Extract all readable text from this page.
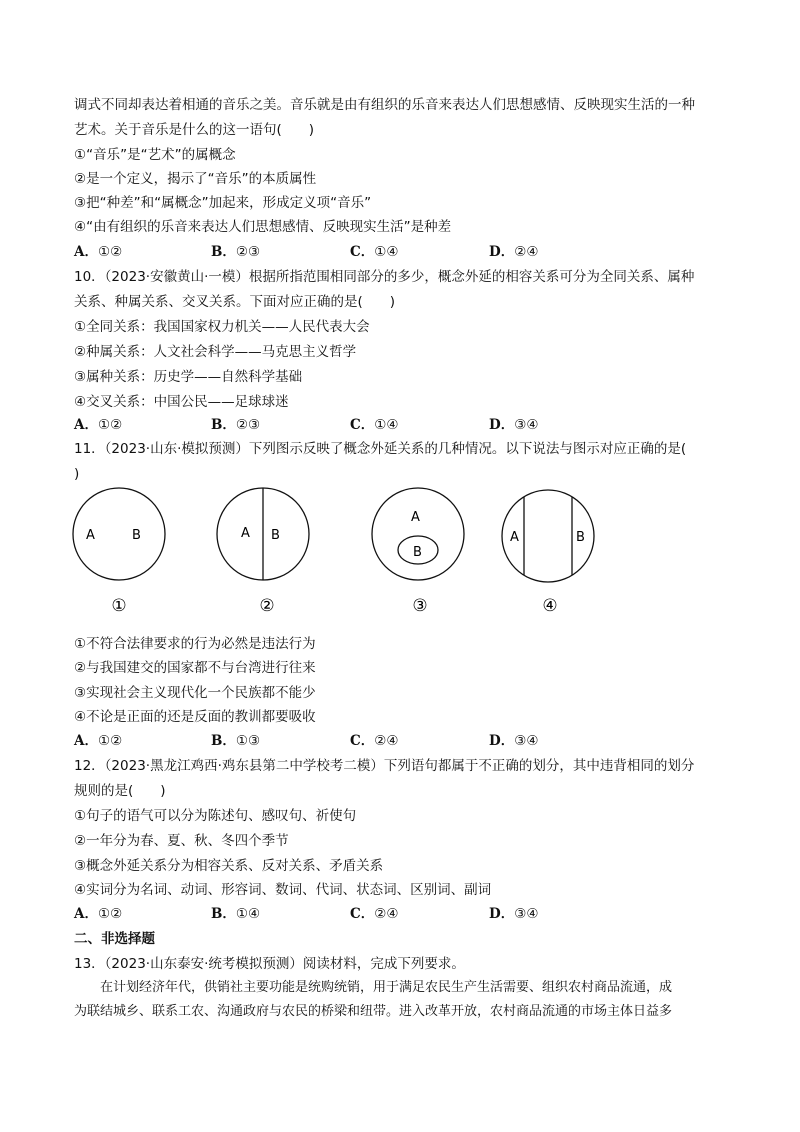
调式不同却表达着相通的音乐之美。音乐就是由有组织的乐音来表达人们思想感情、反映现实生活的一种
艺术。关于音乐是什么的这一语句(　　)
①“音乐”是“艺术”的属概念
②是一个定义，揭示了“音乐”的本质属性
③把“种差”和“属概念”加起来，形成定义项“音乐”
④“由有组织的乐音来表达人们思想感情、反映现实生活”是种差
A．①②	B．②③	C．①④	D．②④
10．（2023·安徽黄山·一模）根据所指范围相同部分的多少，概念外延的相容关系可分为全同关系、属种
关系、种属关系、交叉关系。下面对应正确的是(　　)
①全同关系：我国国家权力机关——人民代表大会
②种属关系：人文社会科学——马克思主义哲学
③属种关系：历史学——自然科学基础
④交叉关系：中国公民——足球球迷
A．①②	B．②③	C．①④	D．③④
11．（2023·山东·模拟预测）下列图示反映了概念外延关系的几种情况。以下说法与图示对应正确的是(
)
A	B
①
A B
②
A
B
③
A	B
④
①不符合法律要求的行为必然是违法行为
②与我国建交的国家都不与台湾进行往来
③实现社会主义现代化一个民族都不能少
④不论是正面的还是反面的教训都要吸收
A．①②	B．①③	C．②④	D．③④
12．（2023·黑龙江鸡西·鸡东县第二中学校考二模）下列语句都属于不正确的划分，其中违背相同的划分
规则的是(　　)
①句子的语气可以分为陈述句、感叹句、祈使句
②一年分为春、夏、秋、冬四个季节
③概念外延关系分为相容关系、反对关系、矛盾关系
④实词分为名词、动词、形容词、数词、代词、状态词、区别词、副词
A．①②	B．①④	C．②④	D．③④
二、非选择题
13．（2023·山东泰安·统考模拟预测）阅读材料，完成下列要求。
在计划经济年代，供销社主要功能是统购统销，用于满足农民生产生活需要、组织农村商品流通，成
为联结城乡、联系工农、沟通政府与农民的桥梁和纽带。进入改革开放，农村商品流通的市场主体日益多
